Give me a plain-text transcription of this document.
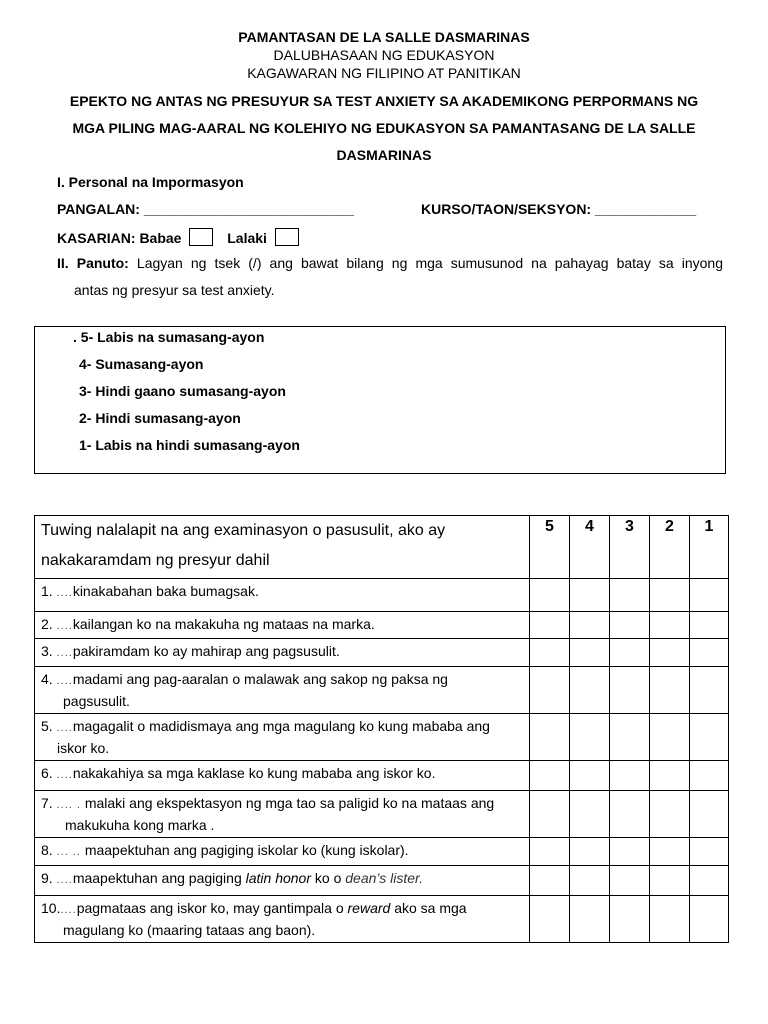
PAMANTASAN DE LA SALLE DASMARINAS
DALUBHASAAN NG EDUKASYON
KAGAWARAN NG FILIPINO AT PANITIKAN
EPEKTO NG ANTAS NG PRESUYUR SA TEST ANXIETY SA AKADEMIKONG PERPORMANS NG
MGA PILING MAG-AARAL NG KOLEHIYO NG EDUKASYON SA PAMANTASANG DE LA SALLE
DASMARINAS
I. Personal na Impormasyon
PANGALAN: ___________________________	KURSO/TAON/SEKSYON: _____________
KASARIAN: Babae	Lalaki
II. Panuto: Lagyan ng tsek (/) ang bawat bilang ng mga sumusunod na pahayag batay sa inyong
antas ng presyur sa test anxiety.
. 5- Labis na sumasang-ayon
4- Sumasang-ayon
3- Hindi gaano sumasang-ayon
2- Hindi sumasang-ayon
1- Labis na hindi sumasang-ayon
Tuwing nalalapit na ang examinasyon o pasusulit, ako ay
nakakaramdam ng presyur dahil	5	4	3	2	1
1. ....kinakabahan baka bumagsak.					
2. ....kailangan ko na makakuha ng mataas na marka.					
3. ....pakiramdam ko ay mahirap ang pagsusulit.					
4. ....madami ang pag-aaralan o malawak ang sakop ng paksa ng
pagsusulit.					

5. ....magagalit o madidismaya ang mga magulang ko kung mababa ang
iskor ko.					

6. ....nakakahiya sa mga kaklase ko kung mababa ang iskor ko.					
7. .... . malaki ang ekspektasyon ng mga tao sa paligid ko na mataas ang
makukuha kong marka .					

8. ... .. maapektuhan ang pagiging iskolar ko (kung iskolar).					
9. ....maapektuhan ang pagiging latin honor ko o dean’s lister.					
10.....pagmataas ang iskor ko, may gantimpala o reward ako sa mga
magulang ko (maaring tataas ang baon).					
